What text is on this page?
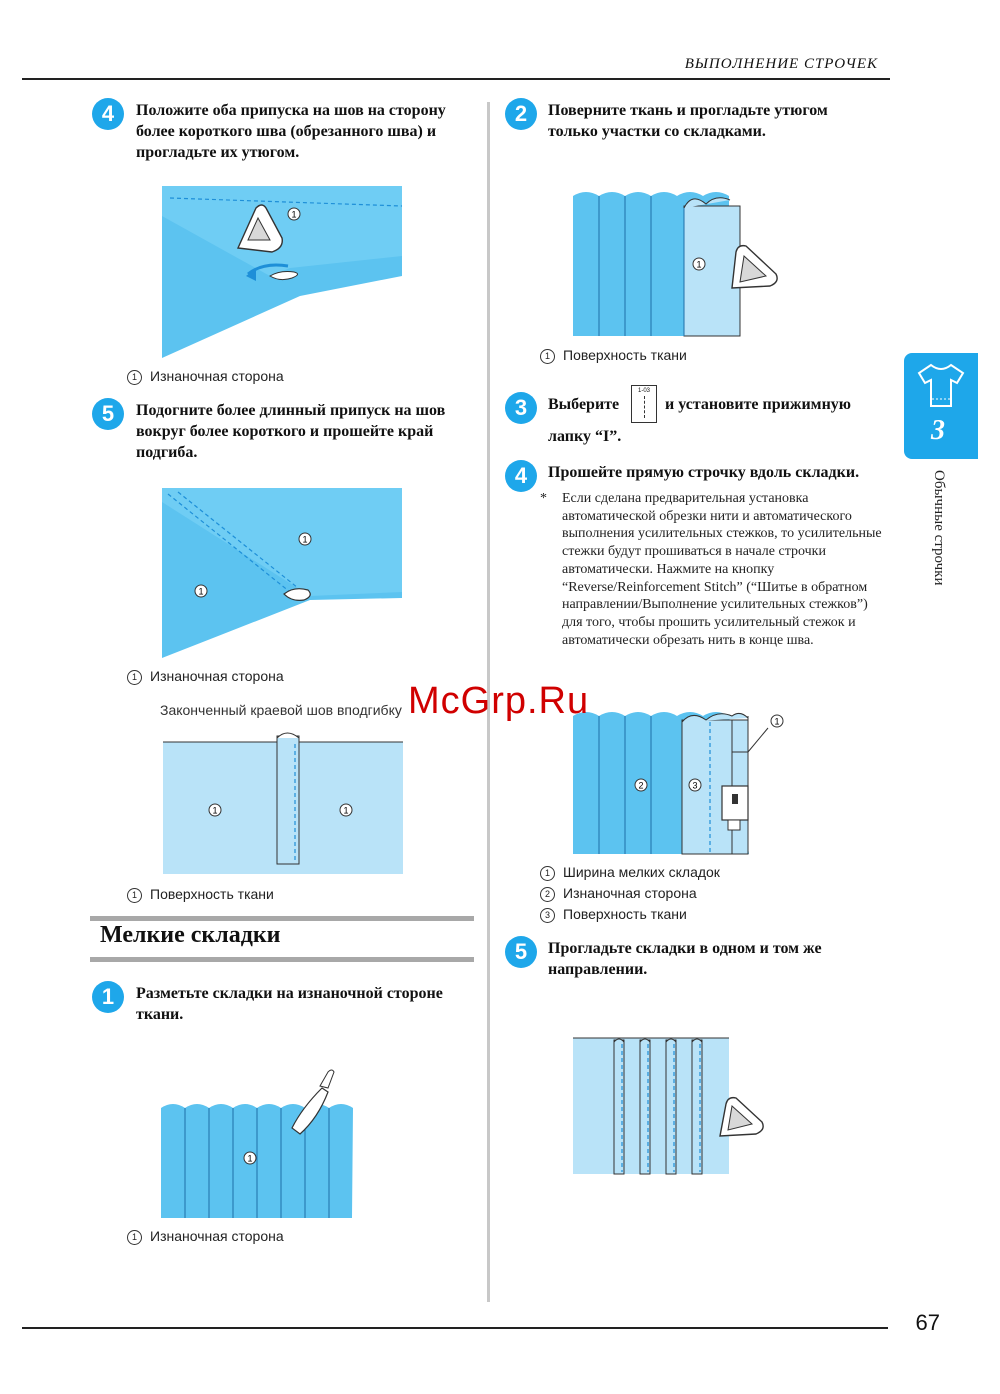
ВЫПОЛНЕНИЕ СТРОЧЕК
4	Положите оба припуска на шов на сторону более короткого шва (обрезанного шва) и прогладьте их утюгом.
1
1 Изнаночная сторона
5	Подогните более длинный припуск на шов вокруг более короткого и прошейте край подгиба.
1
1
1 Изнаночная сторона
Законченный краевой шов вподгибку
1	1
1 Поверхность ткани
Мелкие складки
1	Разметьте складки на изнаночной стороне ткани.
1
1 Изнаночная сторона
2	Поверните ткань и прогладьте утюгом только участки со складками.
1
1 Поверхность ткани
3	Выберите
1-03
и установите прижимную
лапку “I”.
4	Прошейте прямую строчку вдоль складки.
* Если сделана предварительная установка автоматической обрезки нити и автоматического выполнения усилительных стежков, то усилительные стежки будут прошиваться в начале строчки автоматически. Нажмите на кнопку “Reverse/Reinforcement Stitch” (“Шитье в обратном направлении/Выполнение усилительных стежков”) для того, чтобы прошить усилительный стежок и автоматически обрезать нить в конце шва.
1
2	3
1 Ширина мелких складок
2 Изнаночная сторона
3 Поверхность ткани
5	Прогладьте складки в одном и том же направлении.
3
Обычные строчки
McGrp.Ru
67
